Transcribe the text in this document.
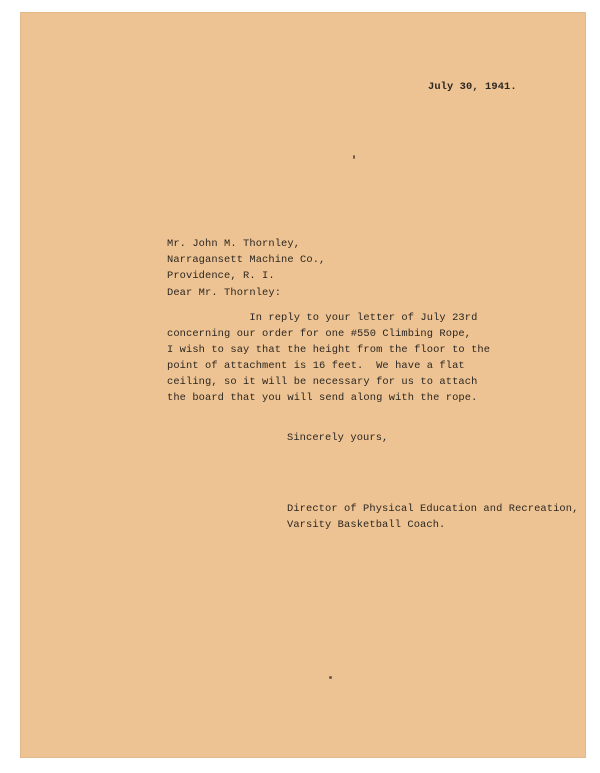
July 30, 1941.
Mr. John M. Thornley,
Narragansett Machine Co.,
Providence, R. I.
Dear Mr. Thornley:
In reply to your letter of July 23rd
concerning our order for one #550 Climbing Rope,
I wish to say that the height from the floor to the
point of attachment is 16 feet.  We have a flat
ceiling, so it will be necessary for us to attach
the board that you will send along with the rope.
Sincerely yours,
Director of Physical Education and Recreation,
Varsity Basketball Coach.
